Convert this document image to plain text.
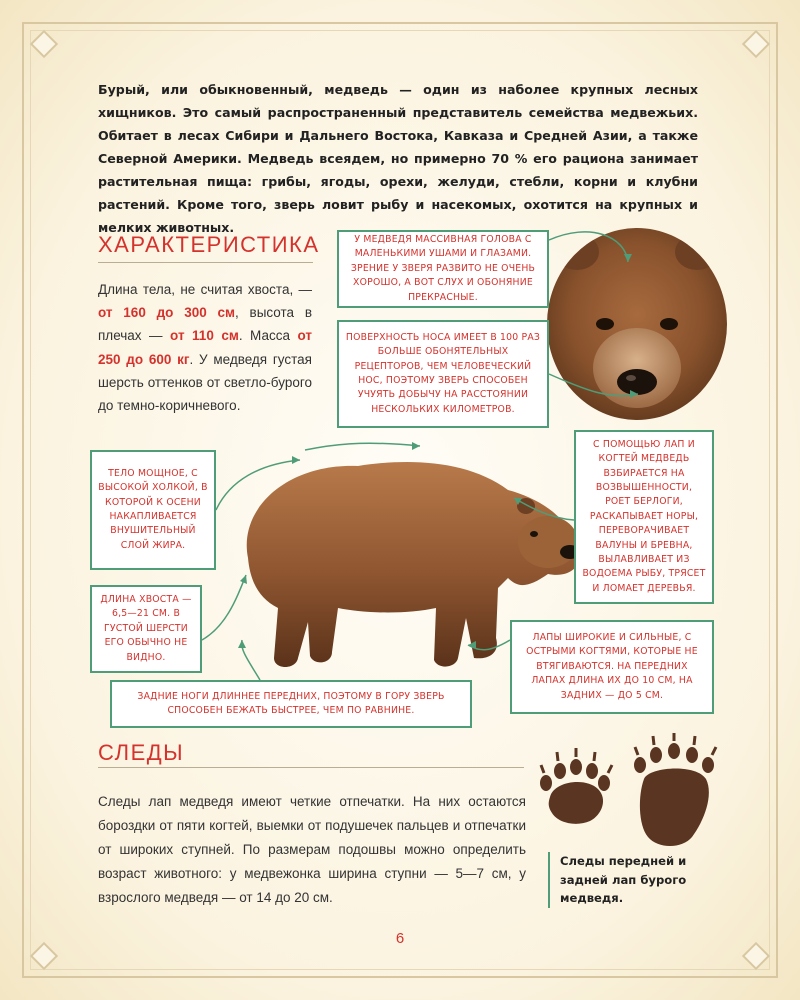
Бурый, или обыкновенный, медведь — один из наболее крупных лесных хищников. Это самый распространенный представитель семейства медвежьих. Обитает в лесах Сибири и Дальнего Востока, Кавказа и Средней Азии, а также Северной Америки. Медведь всеядем, но примерно 70 % его рациона занимает растительная пища: грибы, ягоды, орехи, желуди, стебли, корни и клубни растений. Кроме того, зверь ловит рыбу и насекомых, охотится на крупных и мелких животных.

ХАРАКТЕРИСТИКА

Длина тела, не считая хвоста, — от 160 до 300 см, высота в плечах — от 110 см. Масса от 250 до 600 кг. У медведя густая шерсть оттенков от светло-бурого до темно-коричневого.

У МЕДВЕДЯ МАССИВНАЯ ГОЛОВА С МАЛЕНЬКИМИ УШАМИ И ГЛАЗАМИ. ЗРЕНИЕ У ЗВЕРЯ РАЗВИТО НЕ ОЧЕНЬ ХОРОШО, А ВОТ СЛУХ И ОБОНЯНИЕ ПРЕКРАСНЫЕ.
ПОВЕРХНОСТЬ НОСА ИМЕЕТ В 100 РАЗ БОЛЬШЕ ОБОНЯТЕЛЬНЫХ РЕЦЕПТОРОВ, ЧЕМ ЧЕЛОВЕЧЕСКИЙ НОС, ПОЭТОМУ ЗВЕРЬ СПОСОБЕН УЧУЯТЬ ДОБЫЧУ НА РАССТОЯНИИ НЕСКОЛЬКИХ КИЛОМЕТРОВ.
ТЕЛО МОЩНОЕ, С ВЫСОКОЙ ХОЛКОЙ, В КОТОРОЙ К ОСЕНИ НАКАПЛИВАЕТСЯ ВНУШИТЕЛЬНЫЙ СЛОЙ ЖИРА.
ДЛИНА ХВОСТА — 6,5—21 СМ. В ГУСТОЙ ШЕРСТИ ЕГО ОБЫЧНО НЕ ВИДНО.
С ПОМОЩЬЮ ЛАП И КОГТЕЙ МЕДВЕДЬ ВЗБИРАЕТСЯ НА ВОЗВЫШЕННОСТИ, РОЕТ БЕРЛОГИ, РАСКАПЫВАЕТ НОРЫ, ПЕРЕВОРАЧИВАЕТ ВАЛУНЫ И БРЕВНА, ВЫЛАВЛИВАЕТ ИЗ ВОДОЕМА РЫБУ, ТРЯСЕТ И ЛОМАЕТ ДЕРЕВЬЯ.
ЛАПЫ ШИРОКИЕ И СИЛЬНЫЕ, С ОСТРЫМИ КОГТЯМИ, КОТОРЫЕ НЕ ВТЯГИВАЮТСЯ. НА ПЕРЕДНИХ ЛАПАХ ДЛИНА ИХ ДО 10 СМ, НА ЗАДНИХ — ДО 5 СМ.
ЗАДНИЕ НОГИ ДЛИННЕЕ ПЕРЕДНИХ, ПОЭТОМУ В ГОРУ ЗВЕРЬ СПОСОБЕН БЕЖАТЬ БЫСТРЕЕ, ЧЕМ ПО РАВНИНЕ.
СЛЕДЫ

Следы лап медведя имеют четкие отпечатки. На них остаются бороздки от пяти когтей, выемки от подушечек пальцев и отпечатки от широких ступней. По размерам подошвы можно определить возраст животного: у медвежонка ширина ступни — 5—7 см, у взрослого медведя — от 14 до 20 см.

Следы передней и задней лап бурого медведя.
6
